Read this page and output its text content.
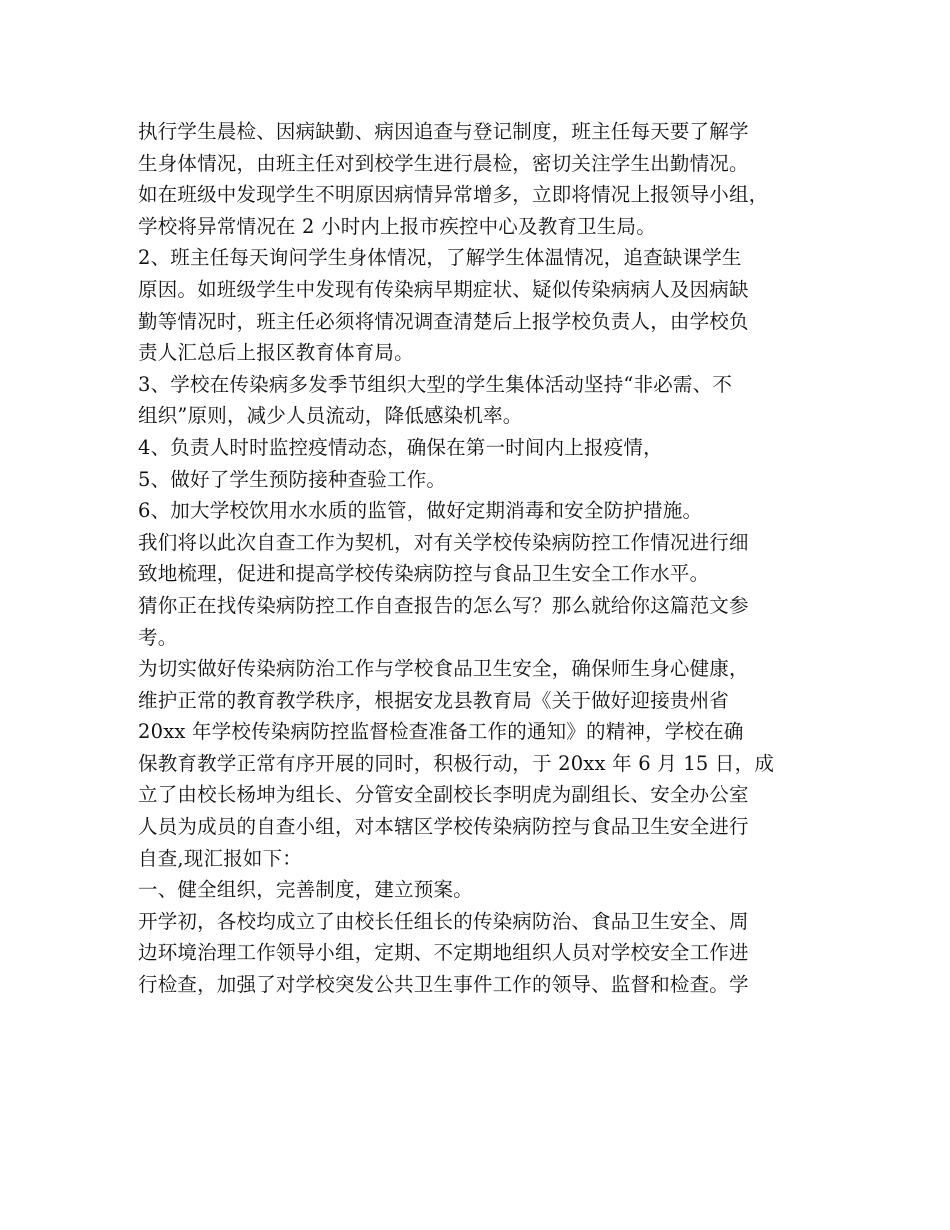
执行学生晨检、因病缺勤、病因追查与登记制度，班主任每天要了解学
生身体情况，由班主任对到校学生进行晨检，密切关注学生出勤情况。
如在班级中发现学生不明原因病情异常增多，立即将情况上报领导小组，
学校将异常情况在 2 小时内上报市疾控中心及教育卫生局。
2、班主任每天询问学生身体情况，了解学生体温情况，追查缺课学生
原因。如班级学生中发现有传染病早期症状、疑似传染病病人及因病缺
勤等情况时，班主任必须将情况调查清楚后上报学校负责人，由学校负
责人汇总后上报区教育体育局。
3、学校在传染病多发季节组织大型的学生集体活动坚持“非必需、不
组织”原则，减少人员流动，降低感染机率。
4、负责人时时监控疫情动态，确保在第一时间内上报疫情，
5、做好了学生预防接种查验工作。
6、加大学校饮用水水质的监管，做好定期消毒和安全防护措施。
我们将以此次自查工作为契机，对有关学校传染病防控工作情况进行细
致地梳理，促进和提高学校传染病防控与食品卫生安全工作水平。
猜你正在找传染病防控工作自查报告的怎么写？那么就给你这篇范文参
考。
为切实做好传染病防治工作与学校食品卫生安全，确保师生身心健康，
维护正常的教育教学秩序，根据安龙县教育局《关于做好迎接贵州省
20xx 年学校传染病防控监督检查准备工作的通知》的精神，学校在确
保教育教学正常有序开展的同时，积极行动，于 20xx 年 6 月 15 日，成
立了由校长杨坤为组长、分管安全副校长李明虎为副组长、安全办公室
人员为成员的自查小组，对本辖区学校传染病防控与食品卫生安全进行
自查,现汇报如下：
一、健全组织，完善制度，建立预案。
开学初，各校均成立了由校长任组长的传染病防治、食品卫生安全、周
边环境治理工作领导小组，定期、不定期地组织人员对学校安全工作进
行检查，加强了对学校突发公共卫生事件工作的领导、监督和检查。学
